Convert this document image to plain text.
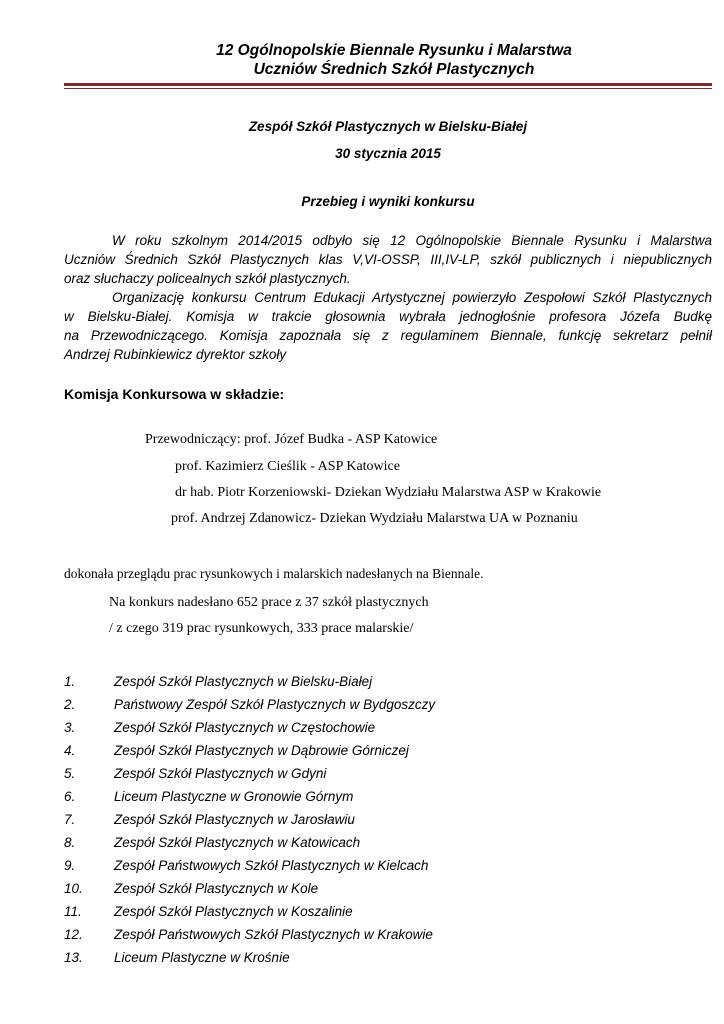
12 Ogólnopolskie Biennale Rysunku i Malarstwa
Uczniów Średnich Szkół Plastycznych
Zespół Szkół Plastycznych w Bielsku-Białej
30 stycznia 2015
Przebieg i wyniki konkursu
W roku szkolnym 2014/2015 odbyło się 12 Ogólnopolskie Biennale Rysunku i Malarstwa
Uczniów Średnich Szkół Plastycznych klas V,VI-OSSP, III,IV-LP, szkół publicznych i niepublicznych
oraz słuchaczy policealnych szkół plastycznych.
Organizację konkursu Centrum Edukacji Artystycznej powierzyło Zespołowi Szkół Plastycznych
w Bielsku-Białej. Komisja w trakcie głosownia wybrała jednogłośnie profesora Józefa Budkę
na Przewodniczącego. Komisja zapoznała się z regulaminem Biennale, funkcję sekretarz pełnił
Andrzej Rubinkiewicz dyrektor szkoły
Komisja Konkursowa w składzie:
Przewodniczący: prof. Józef Budka - ASP Katowice
prof. Kazimierz Cieślik - ASP Katowice
dr hab. Piotr Korzeniowski- Dziekan Wydziału Malarstwa ASP w Krakowie
prof. Andrzej Zdanowicz- Dziekan Wydziału Malarstwa UA w Poznaniu
dokonała przeglądu prac rysunkowych i malarskich nadesłanych na Biennale.
Na konkurs nadesłano 652 prace z 37 szkół plastycznych
/ z czego 319 prac rysunkowych, 333 prace malarskie/
1.	Zespół Szkół Plastycznych w Bielsku-Białej
2.	Państwowy Zespół Szkół Plastycznych w Bydgoszczy
3.	Zespół Szkół Plastycznych w Częstochowie
4.	Zespół Szkół Plastycznych w Dąbrowie Górniczej
5.	Zespół Szkół Plastycznych w Gdyni
6.	Liceum Plastyczne w Gronowie Górnym
7.	Zespół Szkół Plastycznych w Jarosławiu
8.	Zespół Szkół Plastycznych w Katowicach
9.	Zespół Państwowych Szkół Plastycznych w Kielcach
10. Zespół Szkół Plastycznych w Kole
11. Zespół Szkół Plastycznych w Koszalinie
12. Zespół Państwowych Szkół Plastycznych w Krakowie
13. Liceum Plastyczne w Krośnie
